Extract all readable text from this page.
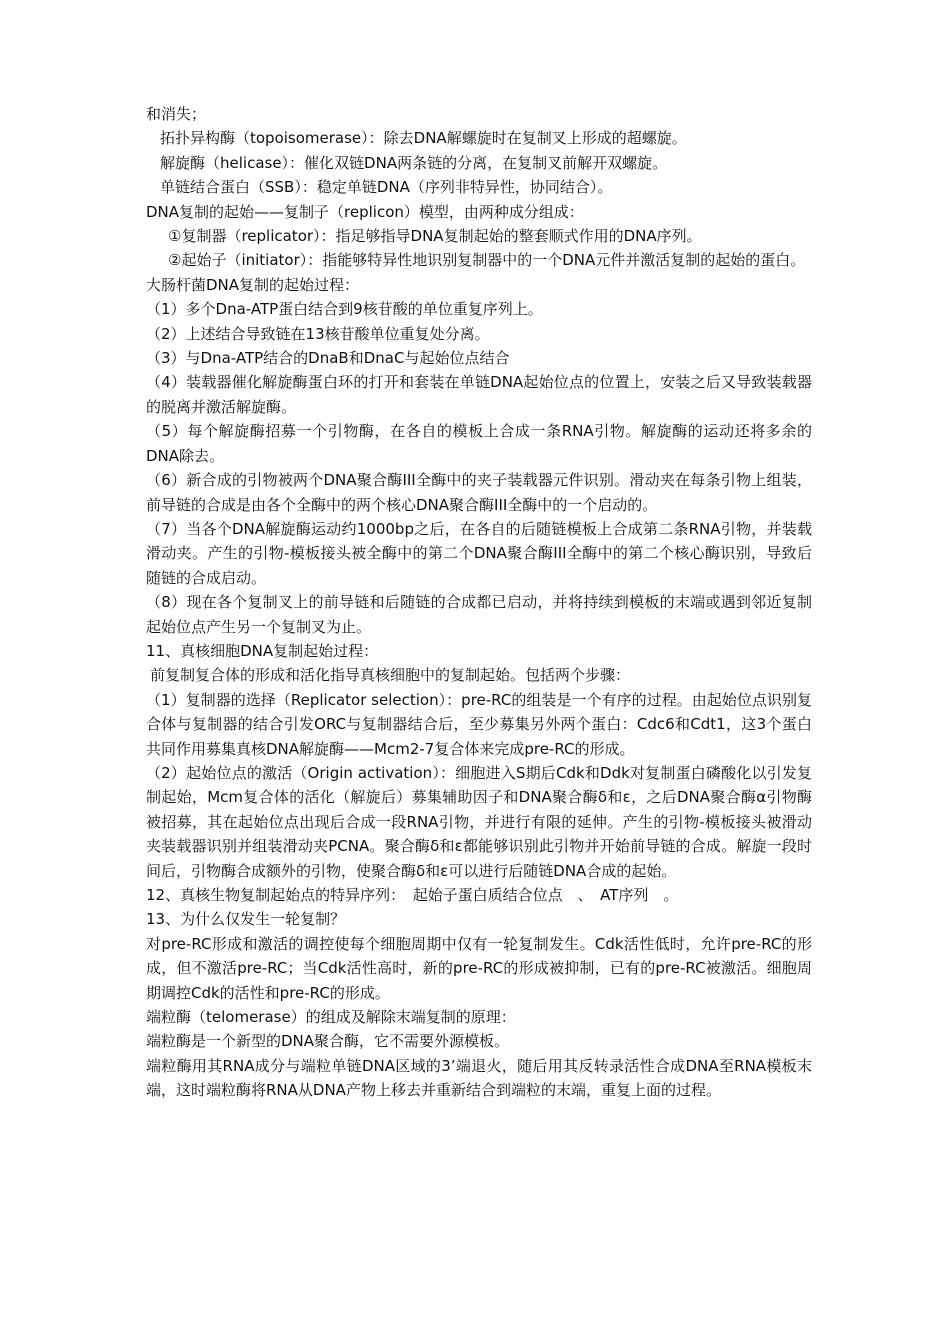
和消失；

拓扑异构酶（topoisomerase）：除去DNA解螺旋时在复制叉上形成的超螺旋。

解旋酶（helicase）：催化双链DNA两条链的分离，在复制叉前解开双螺旋。

单链结合蛋白（SSB）：稳定单链DNA（序列非特异性，协同结合）。

DNA复制的起始——复制子（replicon）模型，由两种成分组成：

①复制器（replicator）：指足够指导DNA复制起始的整套顺式作用的DNA序列。

②起始子（initiator）：指能够特异性地识别复制器中的一个DNA元件并激活复制的起始的蛋白。

大肠杆菌DNA复制的起始过程：

（1）多个Dna-ATP蛋白结合到9核苷酸的单位重复序列上。

（2）上述结合导致链在13核苷酸单位重复处分离。

（3）与Dna-ATP结合的DnaB和DnaC与起始位点结合

（4）装载器催化解旋酶蛋白环的打开和套装在单链DNA起始位点的位置上，安装之后又导致装载器的脱离并激活解旋酶。

（5）每个解旋酶招募一个引物酶，在各自的模板上合成一条RNA引物。解旋酶的运动还将多余的DNA除去。

（6）新合成的引物被两个DNA聚合酶III全酶中的夹子装载器元件识别。滑动夹在每条引物上组装，前导链的合成是由各个全酶中的两个核心DNA聚合酶III全酶中的一个启动的。

（7）当各个DNA解旋酶运动约1000bp之后，在各自的后随链模板上合成第二条RNA引物，并装载滑动夹。产生的引物-模板接头被全酶中的第二个DNA聚合酶III全酶中的第二个核心酶识别，导致后随链的合成启动。

（8）现在各个复制叉上的前导链和后随链的合成都已启动，并将持续到模板的末端或遇到邻近复制起始位点产生另一个复制叉为止。

11、真核细胞DNA复制起始过程：

前复制复合体的形成和活化指导真核细胞中的复制起始。包括两个步骤：

（1）复制器的选择（Replicator selection）：pre-RC的组装是一个有序的过程。由起始位点识别复合体与复制器的结合引发ORC与复制器结合后，至少募集另外两个蛋白：Cdc6和Cdt1，这3个蛋白共同作用募集真核DNA解旋酶——Mcm2-7复合体来完成pre-RC的形成。

（2）起始位点的激活（Origin activation）：细胞进入S期后Cdk和Ddk对复制蛋白磷酸化以引发复制起始，Mcm复合体的活化（解旋后）募集辅助因子和DNA聚合酶δ和ε，之后DNA聚合酶α引物酶被招募，其在起始位点出现后合成一段RNA引物，并进行有限的延伸。产生的引物-模板接头被滑动夹装载器识别并组装滑动夹PCNA。聚合酶δ和ε都能够识别此引物并开始前导链的合成。解旋一段时间后，引物酶合成额外的引物，使聚合酶δ和ε可以进行后随链DNA合成的起始。

12、真核生物复制起始点的特异序列：　起始子蛋白质结合位点　、　AT序列　。

13、为什么仅发生一轮复制？

对pre-RC形成和激活的调控使每个细胞周期中仅有一轮复制发生。Cdk活性低时，允许pre-RC的形成，但不激活pre-RC；当Cdk活性高时，新的pre-RC的形成被抑制，已有的pre-RC被激活。细胞周期调控Cdk的活性和pre-RC的形成。

端粒酶（telomerase）的组成及解除末端复制的原理：

端粒酶是一个新型的DNA聚合酶，它不需要外源模板。

端粒酶用其RNA成分与端粒单链DNA区域的3’端退火，随后用其反转录活性合成DNA至RNA模板末端，这时端粒酶将RNA从DNA产物上移去并重新结合到端粒的末端，重复上面的过程。
